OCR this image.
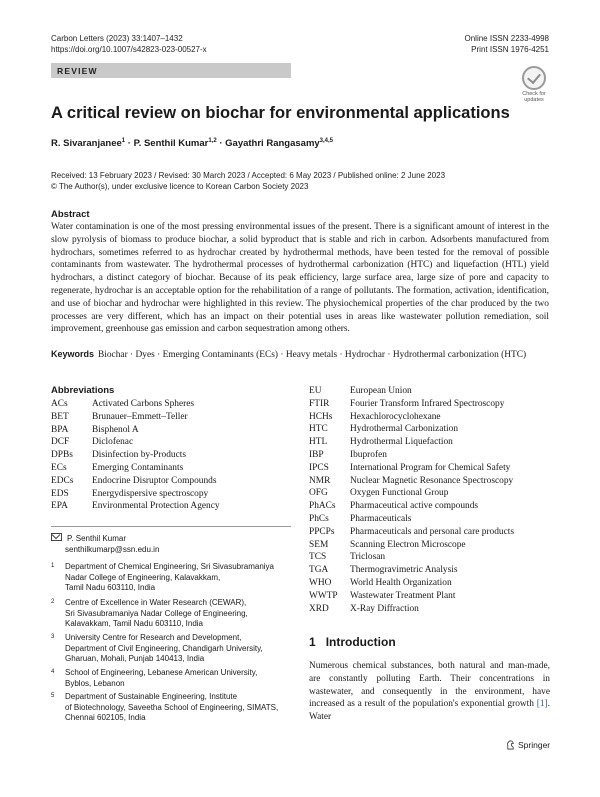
Carbon Letters (2023) 33:1407–1432
https://doi.org/10.1007/s42823-023-00527-x
Online ISSN 2233-4998
Print ISSN 1976-4251
REVIEW
Check for
updates
A critical review on biochar for environmental applications
R. Sivaranjanee$^1$ · P. Senthil Kumar$^{1,2}$ · Gayathri Rangasamy$^{3,4,5}$
Received: 13 February 2023 / Revised: 30 March 2023 / Accepted: 6 May 2023 / Published online: 2 June 2023
© The Author(s), under exclusive licence to Korean Carbon Society 2023
Abstract
Water contamination is one of the most pressing environmental issues of the present. There is a significant amount of interest in the slow pyrolysis of biomass to produce biochar, a solid byproduct that is stable and rich in carbon. Adsorbents manufactured from hydrochars, sometimes referred to as hydrochar created by hydrothermal methods, have been tested for the removal of possible contaminants from wastewater. The hydrothermal processes of hydrothermal carbonization (HTC) and liquefaction (HTL) yield hydrochars, a distinct category of biochar. Because of its peak efficiency, large surface area, large size of pore and capacity to regenerate, hydrochar is an acceptable option for the rehabilitation of a range of pollutants. The formation, activation, identification, and use of biochar and hydrochar were highlighted in this review. The physiochemical properties of the char produced by the two processes are very different, which has an impact on their potential uses in areas like wastewater pollution remediation, soil improvement, greenhouse gas emission and carbon sequestration among others.
Keywords Biochar · Dyes · Emerging Contaminants (ECs) · Heavy metals · Hydrochar · Hydrothermal carbonization (HTC)
Abbreviations
ACs	Activated Carbons Spheres
BET	Brunauer–Emmett–Teller
BPA	Bisphenol A
DCF	Diclofenac
DPBs	Disinfection by-Products
ECs	Emerging Contaminants
EDCs	Endocrine Disruptor Compounds
EDS	Energydispersive spectroscopy
EPA	Environmental Protection Agency
EU	European Union
FTIR	Fourier Transform Infrared Spectroscopy
HCHs	Hexachlorocyclohexane
HTC	Hydrothermal Carbonization
HTL	Hydrothermal Liquefaction
IBP	Ibuprofen
IPCS	International Program for Chemical Safety
NMR	Nuclear Magnetic Resonance Spectroscopy
OFG	Oxygen Functional Group
PhACs	Pharmaceutical active compounds
PhCs	Pharmaceuticals
PPCPs	Pharmaceuticals and personal care products
SEM	Scanning Electron Microscope
TCS	Triclosan
TGA	Thermogravimetric Analysis
WHO	World Health Organization
WWTP	Wastewater Treatment Plant
XRD	X-Ray Diffraction
P. Senthil Kumar
senthilkumarp@ssn.edu.in
1	Department of Chemical Engineering, Sri Sivasubramaniya
Nadar College of Engineering, Kalavakkam,
Tamil Nadu 603110, India
2	Centre of Excellence in Water Research (CEWAR),
Sri Sivasubramaniya Nadar College of Engineering,
Kalavakkam, Tamil Nadu 603110, India
3	University Centre for Research and Development,
Department of Civil Engineering, Chandigarh University,
Gharuan, Mohali, Punjab 140413, India
4	School of Engineering, Lebanese American University,
Byblos, Lebanon
5	Department of Sustainable Engineering, Institute
of Biotechnology, Saveetha School of Engineering, SIMATS,
Chennai 602105, India
1 Introduction
Numerous chemical substances, both natural and man-made, are constantly polluting Earth. Their concentrations in wastewater, and consequently in the environment, have increased as a result of the population's exponential growth [1]. Water
Springer
